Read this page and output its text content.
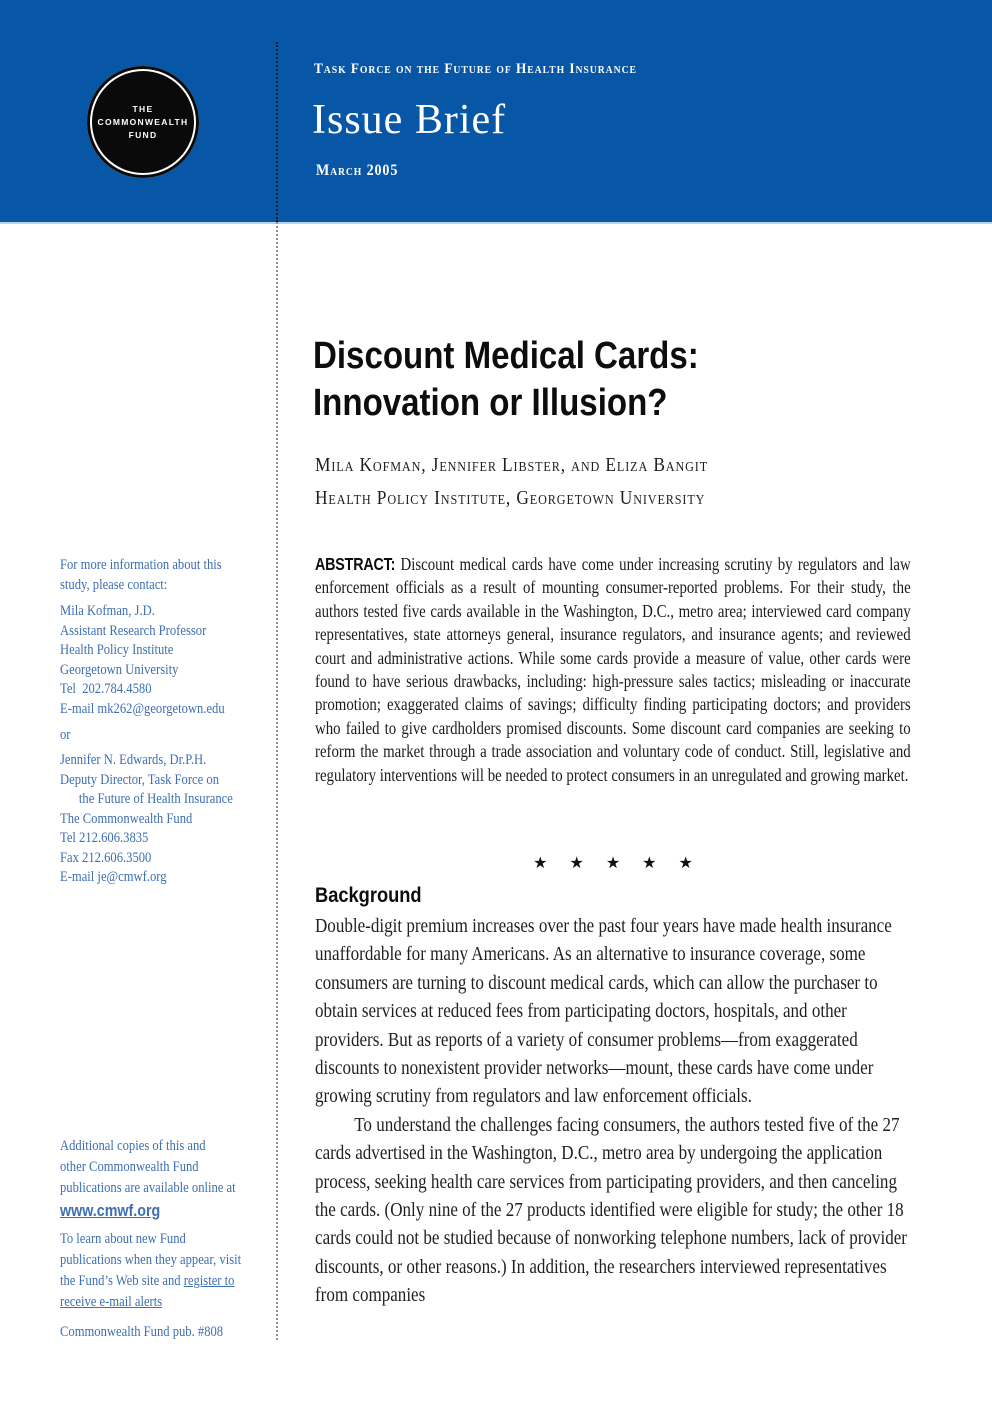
THE
COMMONWEALTH
FUND
Task Force on the Future of Health Insurance
Issue Brief
March 2005
For more information about this
study, please contact:
Mila Kofman, J.D.
Assistant Research Professor
Health Policy Institute
Georgetown University
Tel  202.784.4580
E-mail mk262@georgetown.edu
or
Jennifer N. Edwards, Dr.P.H.
Deputy Director, Task Force on
the Future of Health Insurance
The Commonwealth Fund
Tel 212.606.3835
Fax 212.606.3500
E-mail je@cmwf.org
Additional copies of this and
other Commonwealth Fund
publications are available online at
www.cmwf.org
To learn about new Fund
publications when they appear, visit
the Fund’s Web site and register to
receive e-mail alerts
Commonwealth Fund pub. #808
Discount Medical Cards:
Innovation or Illusion?
Mila Kofman, Jennifer Libster, and Eliza Bangit
Health Policy Institute, Georgetown University
ABSTRACT: Discount medical cards have come under increasing scrutiny by regulators and law enforcement officials as a result of mounting consumer-reported problems. For their study, the authors tested five cards available in the Washington, D.C., metro area; interviewed card company representatives, state attorneys general, insurance regulators, and insurance agents; and reviewed court and administrative actions. While some cards provide a measure of value, other cards were found to have serious drawbacks, including: high-pressure sales tactics; misleading or inaccurate promotion; exaggerated claims of savings; difficulty finding participating doctors; and providers who failed to give cardholders promised discounts. Some discount card companies are seeking to reform the market through a trade association and voluntary code of conduct. Still, legislative and regulatory interventions will be needed to protect consumers in an unregulated and growing market.
★ ★ ★ ★ ★
Background

Double-digit premium increases over the past four years have made health insurance unaffordable for many Americans. As an alternative to insurance coverage, some consumers are turning to discount medical cards, which can allow the purchaser to obtain services at reduced fees from participating doctors, hospitals, and other providers. But as reports of a variety of consumer problems—from exaggerated discounts to nonexistent provider networks—mount, these cards have come under growing scrutiny from regulators and law enforcement officials.

To understand the challenges facing consumers, the authors tested five of the 27 cards advertised in the Washington, D.C., metro area by undergoing the application process, seeking health care services from participating providers, and then canceling the cards. (Only nine of the 27 products identified were eligible for study; the other 18 cards could not be studied because of nonworking telephone numbers, lack of provider discounts, or other reasons.) In addition, the researchers interviewed representatives from companies
